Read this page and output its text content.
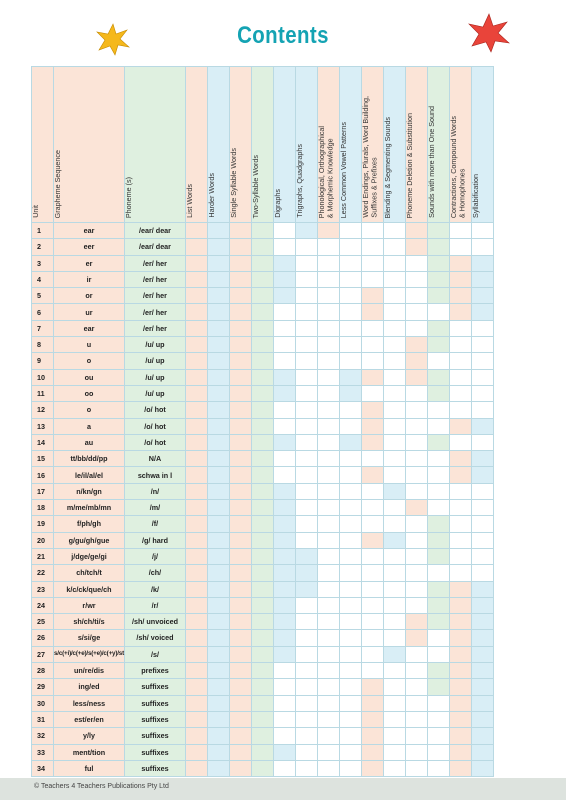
Contents
Unit	Grapheme Sequence	Phoneme (s)	List Words	Harder Words	Single Syllable Words	Two-Syllable Words	Digraphs	Trigraphs, Quadgraphs	Phonological, Orthographical
& Morphemic Knowledge	Less Common Vowel Patterns	Word Endings, Plurals, Word Building,
Suffixes & Prefixes	Blending & Segmenting Sounds	Phoneme Deletion & Substitution	Sounds with more than One Sound	Contractions, Compound Words
& Homophones	Syllabification

1	ear	/ear/ dear														
2	eer	/ear/ dear														
3	er	/er/ her														
4	ir	/er/ her														
5	or	/er/ her														
6	ur	/er/ her														
7	ear	/er/ her														
8	u	/u/ up														
9	o	/u/ up														
10	ou	/u/ up														
11	oo	/u/ up														
12	o	/o/ hot														
13	a	/o/ hot														
14	au	/o/ hot														
15	tt/bb/dd/pp	N/A														
16	le/il/al/el	schwa in l														
17	n/kn/gn	/n/														
18	m/me/mb/mn	/m/														
19	f/ph/gh	/f/														
20	g/gu/gh/gue	/g/ hard														
21	j/dge/ge/gi	/j/														
22	ch/tch/t	/ch/														
23	k/c/ck/que/ch	/k/														
24	r/wr	/r/														
25	sh/ch/ti/s	/sh/ unvoiced														
26	s/si/ge	/sh/ voiced														
27	s/c(+i)/c(+e)/s(+e)/c(+y)/st	/s/														
28	un/re/dis	prefixes														
29	ing/ed	suffixes														
30	less/ness	suffixes														
31	est/er/en	suffixes														
32	y/ly	suffixes														
33	ment/tion	suffixes														
34	ful	suffixes														
© Teachers 4 Teachers Publications Pty Ltd
